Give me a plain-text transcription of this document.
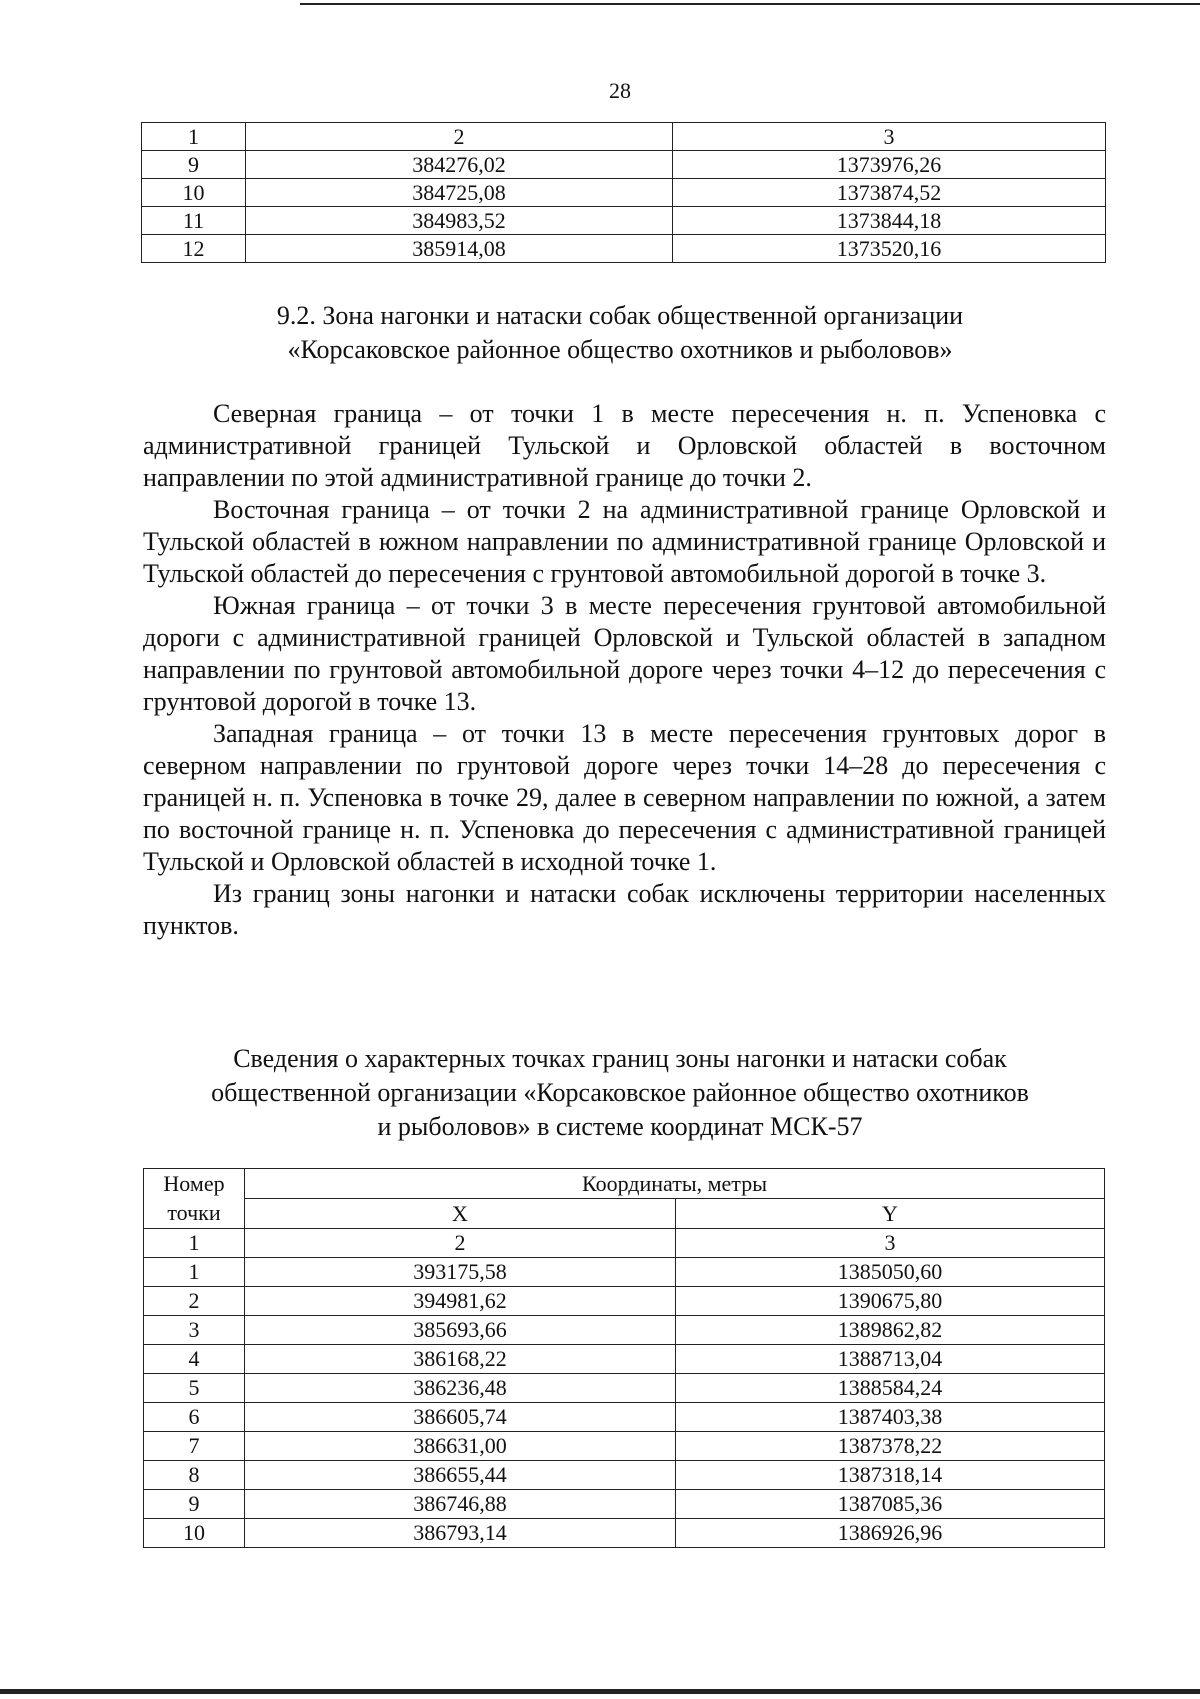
28
1	2	3
9	384276,02	1373976,26
10	384725,08	1373874,52
11	384983,52	1373844,18
12	385914,08	1373520,16
9.2. Зона нагонки и натаски собак общественной организации
«Корсаковское районное общество охотников и рыболовов»

Северная граница – от точки 1 в месте пересечения н. п. Успеновка с административной границей Тульской и Орловской областей в восточном направлении по этой административной границе до точки 2.

Восточная граница – от точки 2 на административной границе Орловской и Тульской областей в южном направлении по административной границе Орловской и Тульской областей до пересечения с грунтовой автомобильной дорогой в точке 3.

Южная граница – от точки 3 в месте пересечения грунтовой автомобильной дороги с административной границей Орловской и Тульской областей в западном направлении по грунтовой автомобильной дороге через точки 4–12 до пересечения с грунтовой дорогой в точке 13.

Западная граница – от точки 13 в месте пересечения грунтовых дорог в северном направлении по грунтовой дороге через точки 14–28 до пересечения с границей н. п. Успеновка в точке 29, далее в северном направлении по южной, а затем по восточной границе н. п. Успеновка до пересечения с административной границей Тульской и Орловской областей в исходной точке 1.

Из границ зоны нагонки и натаски собак исключены территории населенных пунктов.

Сведения о характерных точках границ зоны нагонки и натаски собак
общественной организации «Корсаковское районное общество охотников
и рыболовов» в системе координат МСК-57
Номер	Координаты, метры	
точки	X	Y
1	2	3
1	393175,58	1385050,60
2	394981,62	1390675,80
3	385693,66	1389862,82
4	386168,22	1388713,04
5	386236,48	1388584,24
6	386605,74	1387403,38
7	386631,00	1387378,22
8	386655,44	1387318,14
9	386746,88	1387085,36
10	386793,14	1386926,96
